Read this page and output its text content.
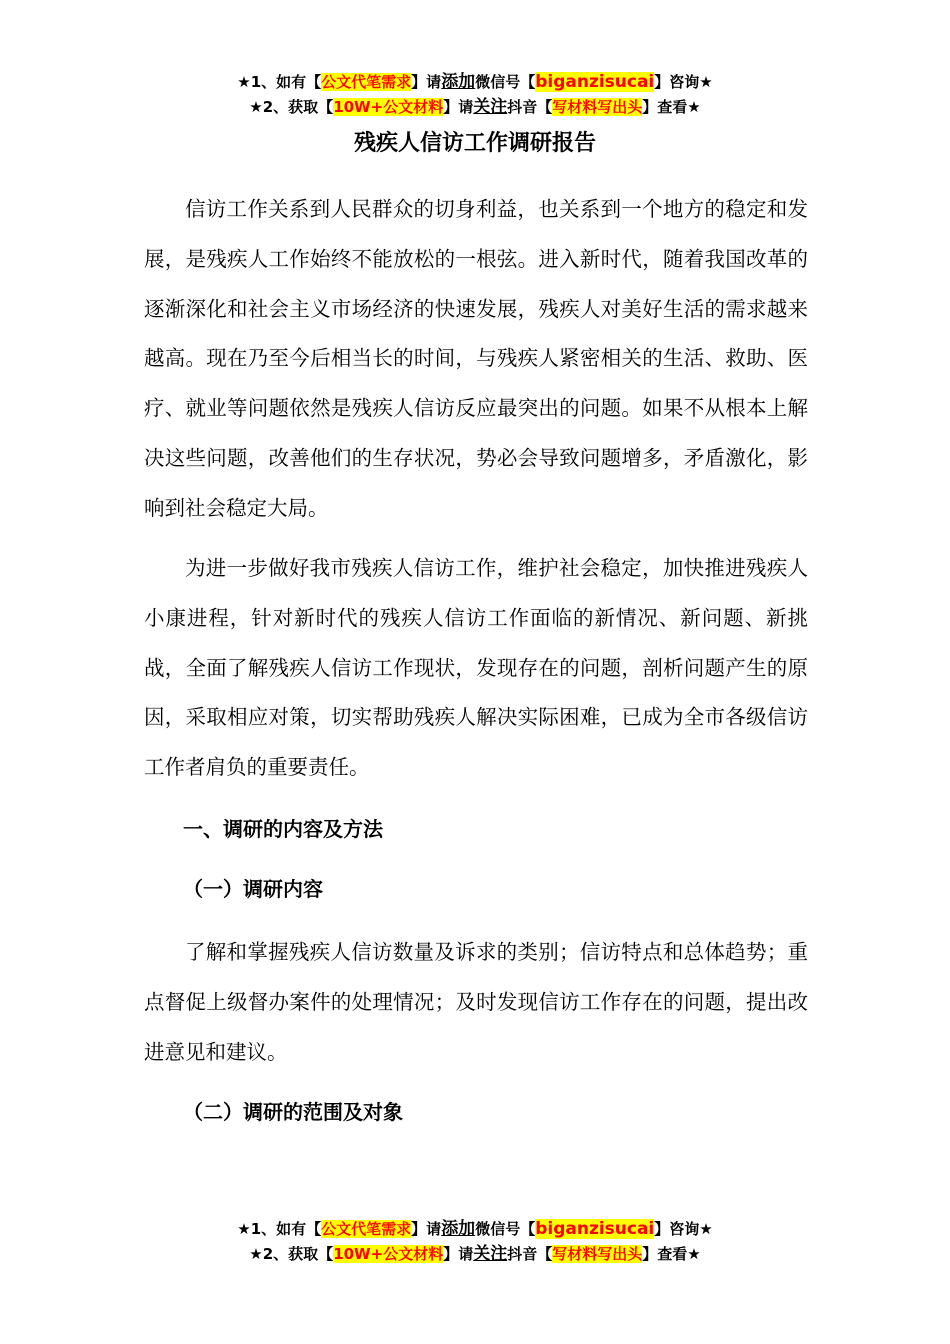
★1、如有【公文代笔需求】请添加微信号【biganzisucai】咨询★
★2、获取【10W+公文材料】请关注抖音【写材料写出头】查看★
残疾人信访工作调研报告

信访工作关系到人民群众的切身利益，也关系到一个地方的稳定和发展，是残疾人工作始终不能放松的一根弦。进入新时代，随着我国改革的逐渐深化和社会主义市场经济的快速发展，残疾人对美好生活的需求越来越高。现在乃至今后相当长的时间，与残疾人紧密相关的生活、救助、医疗、就业等问题依然是残疾人信访反应最突出的问题。如果不从根本上解决这些问题，改善他们的生存状况，势必会导致问题增多，矛盾激化，影响到社会稳定大局。

为进一步做好我市残疾人信访工作，维护社会稳定，加快推进残疾人小康进程，针对新时代的残疾人信访工作面临的新情况、新问题、新挑战，全面了解残疾人信访工作现状，发现存在的问题，剖析问题产生的原因，采取相应对策，切实帮助残疾人解决实际困难，已成为全市各级信访工作者肩负的重要责任。

一、调研的内容及方法
（一）调研内容

了解和掌握残疾人信访数量及诉求的类别；信访特点和总体趋势；重点督促上级督办案件的处理情况；及时发现信访工作存在的问题，提出改进意见和建议。

（二）调研的范围及对象
★1、如有【公文代笔需求】请添加微信号【biganzisucai】咨询★
★2、获取【10W+公文材料】请关注抖音【写材料写出头】查看★
